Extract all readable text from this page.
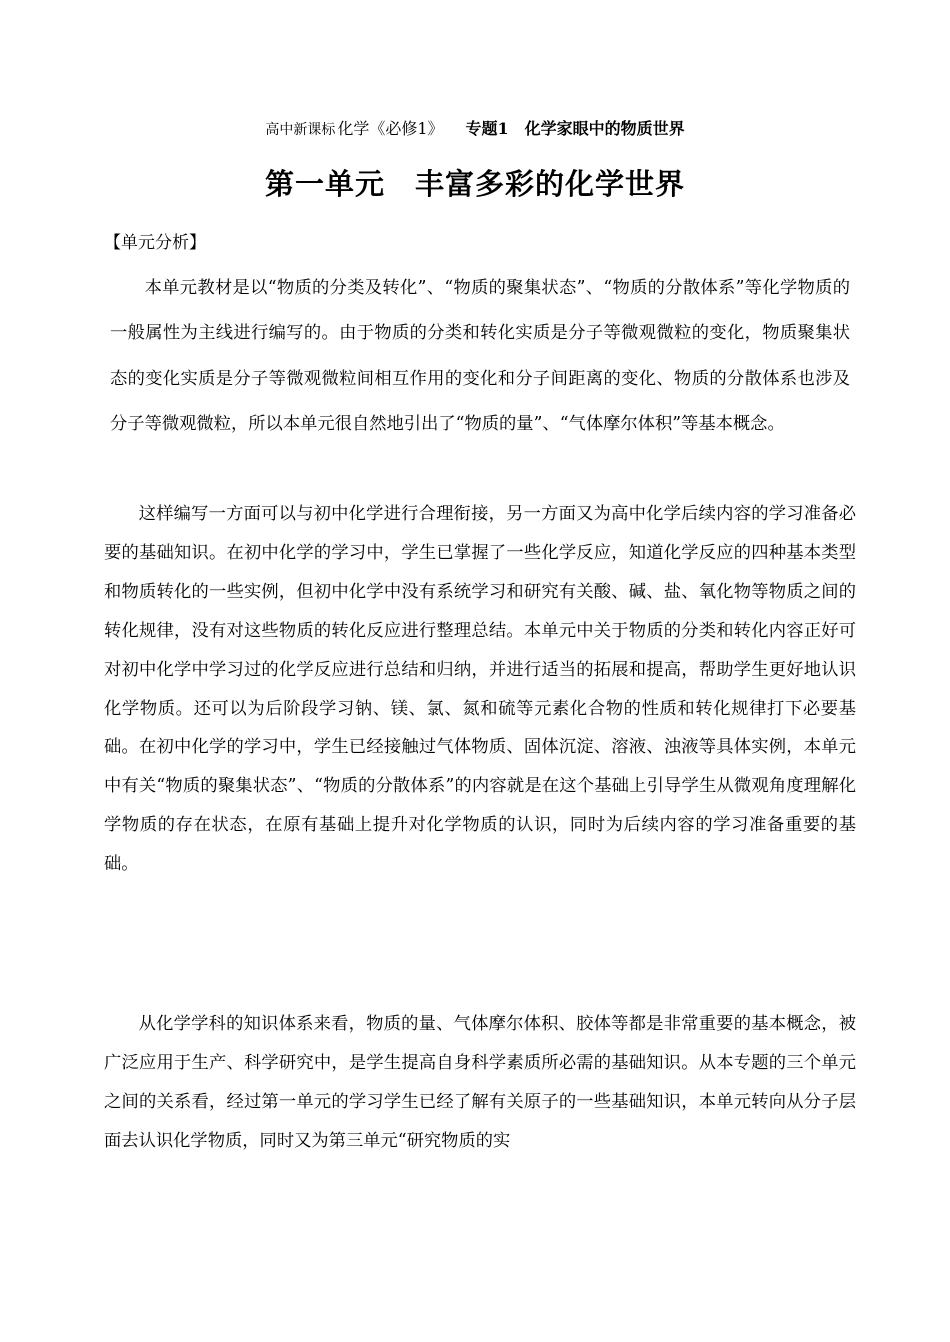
高中新课标 化学《必修1》 专题1　化学家眼中的物质世界
第一单元　丰富多彩的化学世界
【单元分析】

本单元教材是以“物质的分类及转化”、“物质的聚集状态”、“物质的分散体系”等化学物质的一般属性为主线进行编写的。由于物质的分类和转化实质是分子等微观微粒的变化，物质聚集状态的变化实质是分子等微观微粒间相互作用的变化和分子间距离的变化、物质的分散体系也涉及分子等微观微粒，所以本单元很自然地引出了“物质的量”、“气体摩尔体积”等基本概念。

这样编写一方面可以与初中化学进行合理衔接，另一方面又为高中化学后续内容的学习准备必要的基础知识。在初中化学的学习中，学生已掌握了一些化学反应，知道化学反应的四种基本类型和物质转化的一些实例，但初中化学中没有系统学习和研究有关酸、碱、盐、氧化物等物质之间的转化规律，没有对这些物质的转化反应进行整理总结。本单元中关于物质的分类和转化内容正好可对初中化学中学习过的化学反应进行总结和归纳，并进行适当的拓展和提高，帮助学生更好地认识化学物质。还可以为后阶段学习钠、镁、氯、氮和硫等元素化合物的性质和转化规律打下必要基础。在初中化学的学习中，学生已经接触过气体物质、固体沉淀、溶液、浊液等具体实例，本单元中有关“物质的聚集状态”、“物质的分散体系”的内容就是在这个基础上引导学生从微观角度理解化学物质的存在状态，在原有基础上提升对化学物质的认识，同时为后续内容的学习准备重要的基础。

从化学学科的知识体系来看，物质的量、气体摩尔体积、胶体等都是非常重要的基本概念，被广泛应用于生产、科学研究中，是学生提高自身科学素质所必需的基础知识。从本专题的三个单元之间的关系看，经过第一单元的学习学生已经了解有关原子的一些基础知识，本单元转向从分子层面去认识化学物质，同时又为第三单元“研究物质的实
